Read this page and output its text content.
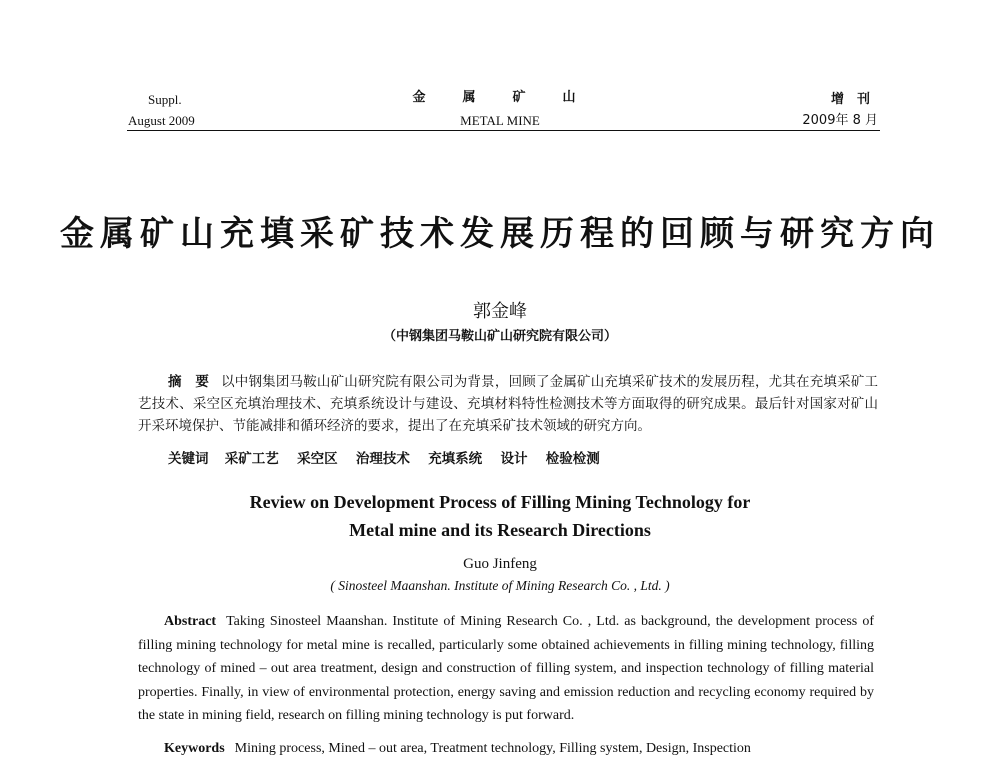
Suppl.
August 2009
金　属　矿　山
METAL MINE
增　刊
2009年 8 月
金属矿山充填采矿技术发展历程的回顾与研究方向
郭金峰
（中钢集团马鞍山矿山研究院有限公司）

摘　要 以中钢集团马鞍山矿山研究院有限公司为背景，回顾了金属矿山充填采矿技术的发展历程，尤其在充填采矿工艺技术、采空区充填治理技术、充填系统设计与建设、充填材料特性检测技术等方面取得的研究成果。最后针对国家对矿山开采环境保护、节能减排和循环经济的要求，提出了在充填采矿技术领域的研究方向。

关键词 采矿工艺 采空区 治理技术 充填系统 设计 检验检测
Review on Development Process of Filling Mining Technology for
Metal mine and its Research Directions
Guo Jinfeng
( Sinosteel Maanshan. Institute of Mining Research Co. , Ltd. )

Abstract Taking Sinosteel Maanshan. Institute of Mining Research Co. , Ltd. as background, the development process of filling mining technology for metal mine is recalled, particularly some obtained achievements in filling mining technology, filling technology of mined – out area treatment, design and construction of filling system, and inspection technology of filling material properties. Finally, in view of environmental protection, energy saving and emission reduction and recycling economy required by the state in mining field, research on filling mining technology is put forward.

Keywords Mining process, Mined – out area, Treatment technology, Filling system, Design, Inspection
